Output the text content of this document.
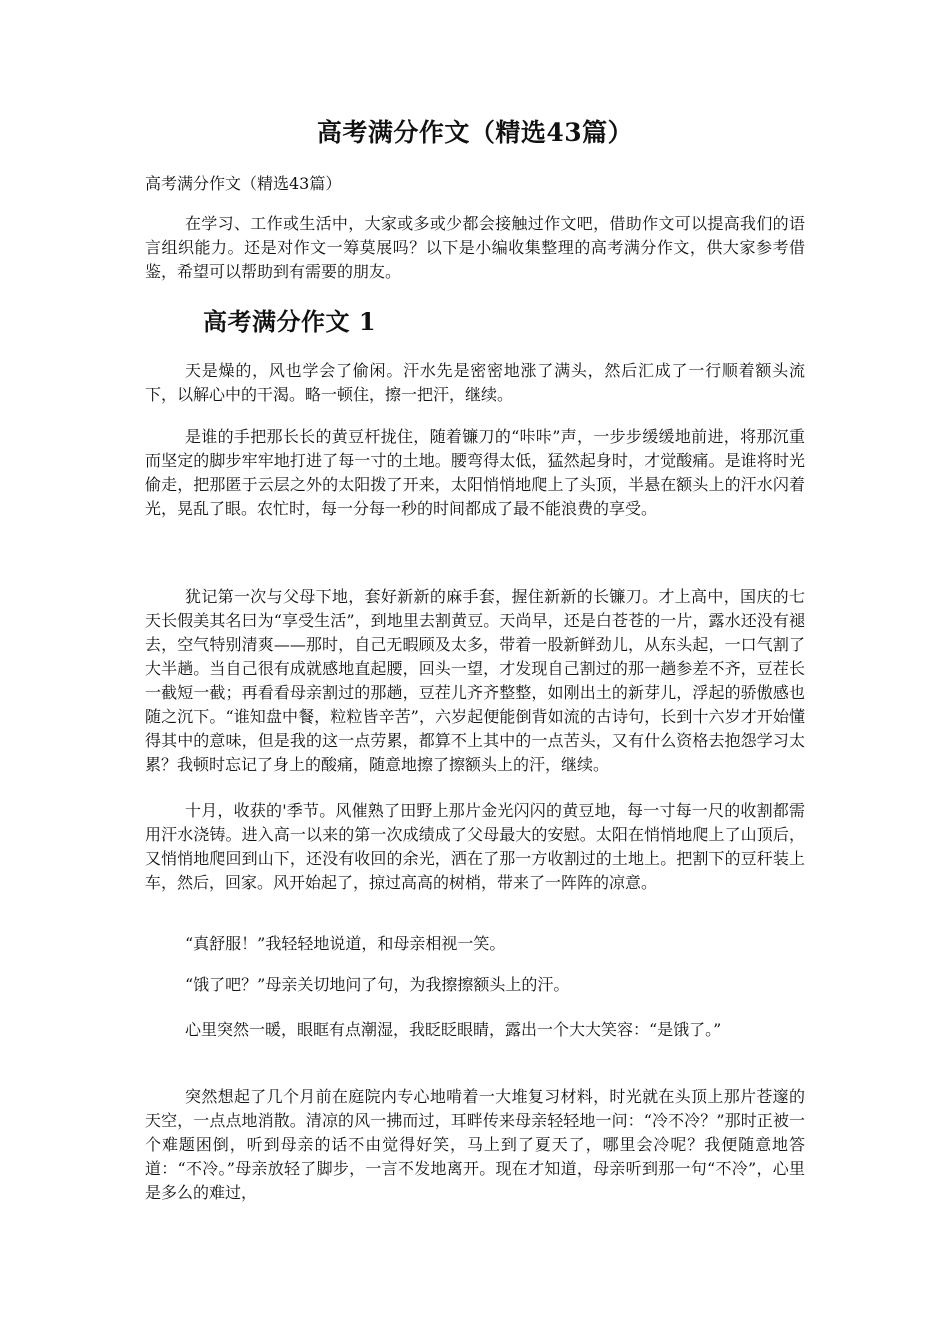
高考满分作文（精选43篇）
高考满分作文（精选43篇）

在学习、工作或生活中，大家或多或少都会接触过作文吧，借助作文可以提高我们的语言组织能力。还是对作文一筹莫展吗？以下是小编收集整理的高考满分作文，供大家参考借鉴，希望可以帮助到有需要的朋友。

高考满分作文 1

天是燥的，风也学会了偷闲。汗水先是密密地涨了满头，然后汇成了一行顺着额头流下，以解心中的干渴。略一顿住，擦一把汗，继续。

是谁的手把那长长的黄豆杆拢住，随着镰刀的“咔咔”声，一步步缓缓地前进，将那沉重而坚定的脚步牢牢地打进了每一寸的土地。腰弯得太低，猛然起身时，才觉酸痛。是谁将时光偷走，把那匿于云层之外的太阳拨了开来，太阳悄悄地爬上了头顶，半悬在额头上的汗水闪着光，晃乱了眼。农忙时，每一分每一秒的时间都成了最不能浪费的享受。

犹记第一次与父母下地，套好新新的麻手套，握住新新的长镰刀。才上高中，国庆的七天长假美其名曰为“享受生活”，到地里去割黄豆。天尚早，还是白苍苍的一片，露水还没有褪去，空气特别清爽——那时，自己无暇顾及太多，带着一股新鲜劲儿，从东头起，一口气割了大半趟。当自己很有成就感地直起腰，回头一望，才发现自己割过的那一趟参差不齐，豆茬长一截短一截；再看看母亲割过的那趟，豆茬儿齐齐整整，如刚出土的新芽儿，浮起的骄傲感也随之沉下。“谁知盘中餐，粒粒皆辛苦”，六岁起便能倒背如流的古诗句，长到十六岁才开始懂得其中的意味，但是我的这一点劳累，都算不上其中的一点苦头，又有什么资格去抱怨学习太累？我顿时忘记了身上的酸痛，随意地擦了擦额头上的汗，继续。

十月，收获的'季节。风催熟了田野上那片金光闪闪的黄豆地，每一寸每一尺的收割都需用汗水浇铸。进入高一以来的第一次成绩成了父母最大的安慰。太阳在悄悄地爬上了山顶后，又悄悄地爬回到山下，还没有收回的余光，洒在了那一方收割过的土地上。把割下的豆秆装上车，然后，回家。风开始起了，掠过高高的树梢，带来了一阵阵的凉意。

“真舒服！”我轻轻地说道，和母亲相视一笑。

“饿了吧？”母亲关切地问了句，为我擦擦额头上的汗。

心里突然一暖，眼眶有点潮湿，我眨眨眼睛，露出一个大大笑容：“是饿了。”

突然想起了几个月前在庭院内专心地啃着一大堆复习材料，时光就在头顶上那片苍邃的天空，一点点地消散。清凉的风一拂而过，耳畔传来母亲轻轻地一问：“冷不冷？”那时正被一个难题困倒，听到母亲的话不由觉得好笑，马上到了夏天了，哪里会冷呢？我便随意地答道：“不冷。”母亲放轻了脚步，一言不发地离开。现在才知道，母亲听到那一句“不冷”，心里是多么的难过，
